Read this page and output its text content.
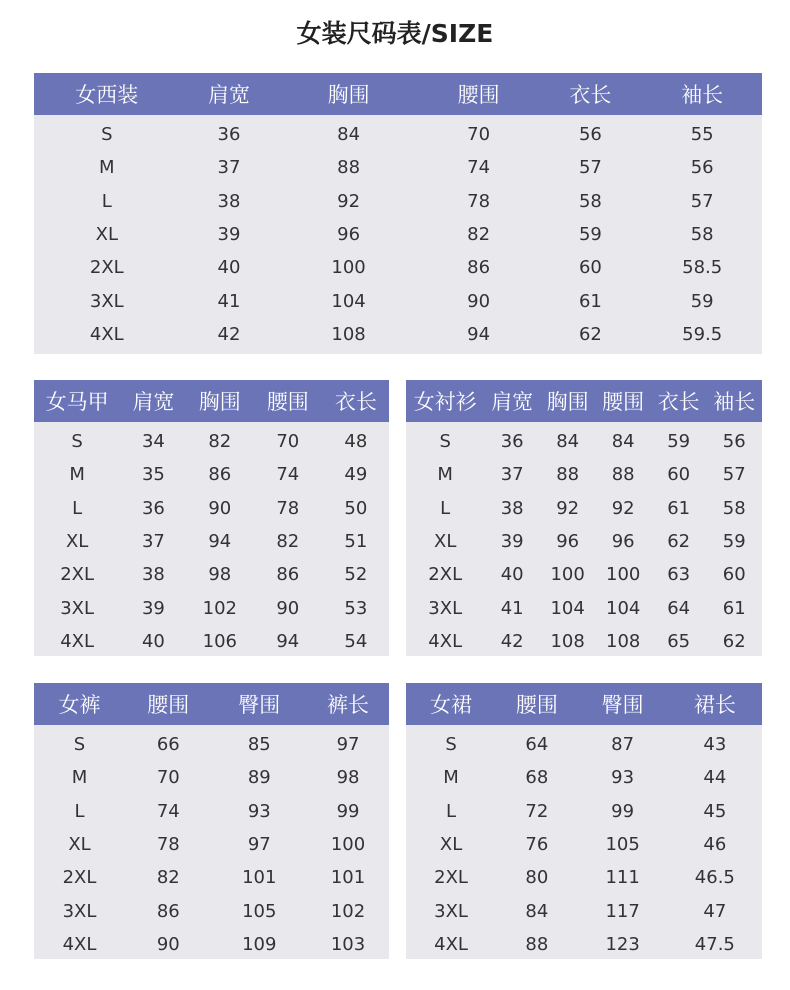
女装尺码表/SIZE
女西装	肩宽	胸围	腰围	衣长	袖长
S	36	84	70	56	55
M	37	88	74	57	56
L	38	92	78	58	57
XL	39	96	82	59	58
2XL	40	100	86	60	58.5
3XL	41	104	90	61	59
4XL	42	108	94	62	59.5
女马甲	肩宽	胸围	腰围	衣长
S	34	82	70	48
M	35	86	74	49
L	36	90	78	50
XL	37	94	82	51
2XL	38	98	86	52
3XL	39	102	90	53
4XL	40	106	94	54
女衬衫 肩宽 胸围 腰围 衣长 袖长
S	36	84	84	59	56
M	37	88	88	60	57
L	38	92	92	61	58
XL	39	96	96	62	59
2XL	40	100	100	63	60
3XL	41	104	104	64	61
4XL	42	108	108	65	62
女裤	腰围	臀围	裤长
S	66	85	97
M	70	89	98
L	74	93	99
XL	78	97	100
2XL	82	101	101
3XL	86	105	102
4XL	90	109	103
女裙	腰围	臀围	裙长
S	64	87	43
M	68	93	44
L	72	99	45
XL	76	105	46
2XL	80	111	46.5
3XL	84	117	47
4XL	88	123	47.5
